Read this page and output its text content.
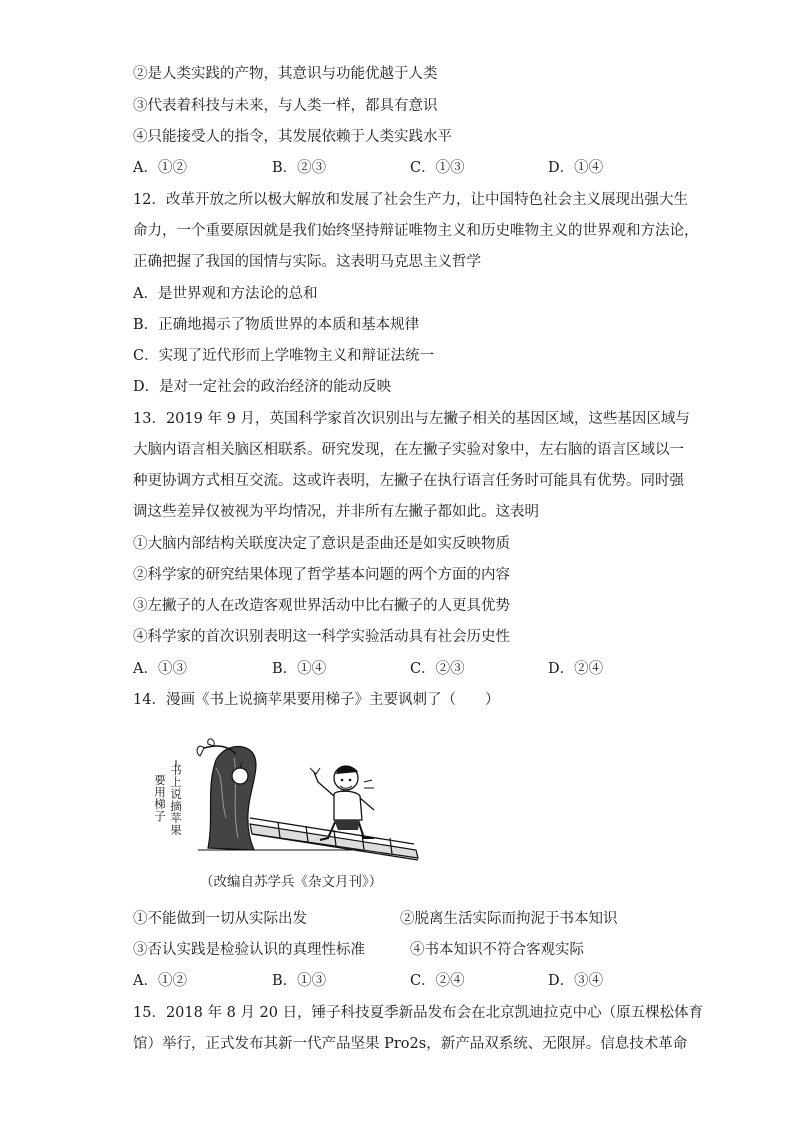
②是人类实践的产物，其意识与功能优越于人类
③代表着科技与未来，与人类一样，都具有意识
④只能接受人的指令，其发展依赖于人类实践水平
A．①②	B．②③	C．①③	D．①④
12．改革开放之所以极大解放和发展了社会生产力，让中国特色社会主义展现出强大生
命力，一个重要原因就是我们始终坚持辩证唯物主义和历史唯物主义的世界观和方法论，
正确把握了我国的国情与实际。这表明马克思主义哲学
A．是世界观和方法论的总和
B．正确地揭示了物质世界的本质和基本规律
C．实现了近代形而上学唯物主义和辩证法统一
D．是对一定社会的政治经济的能动反映
13．2019 年 9 月，英国科学家首次识别出与左撇子相关的基因区域，这些基因区域与
大脑内语言相关脑区相联系。研究发现，在左撇子实验对象中，左右脑的语言区域以一
种更协调方式相互交流。这或许表明，左撇子在执行语言任务时可能具有优势。同时强
调这些差异仅被视为平均情况，并非所有左撇子都如此。这表明
①大脑内部结构关联度决定了意识是歪曲还是如实反映物质
②科学家的研究结果体现了哲学基本问题的两个方面的内容
③左撇子的人在改造客观世界活动中比右撇子的人更具优势
④科学家的首次识别表明这一科学实验活动具有社会历史性
A．①③	B．①④	C．②③	D．②④
14．漫画《书上说摘苹果要用梯子》主要讽刺了（　　）
书上说摘苹果
要用梯子
（改编自苏学兵《杂文月刊》）
①不能做到一切从实际出发	②脱离生活实际而拘泥于书本知识
③否认实践是检验认识的真理性标准	④书本知识不符合客观实际
A．①②	B．①③	C．②④	D．③④
15．2018 年 8 月 20 日，锤子科技夏季新品发布会在北京凯迪拉克中心（原五棵松体育
馆）举行，正式发布其新一代产品坚果 Pro2s，新产品双系统、无限屏。信息技术革命
